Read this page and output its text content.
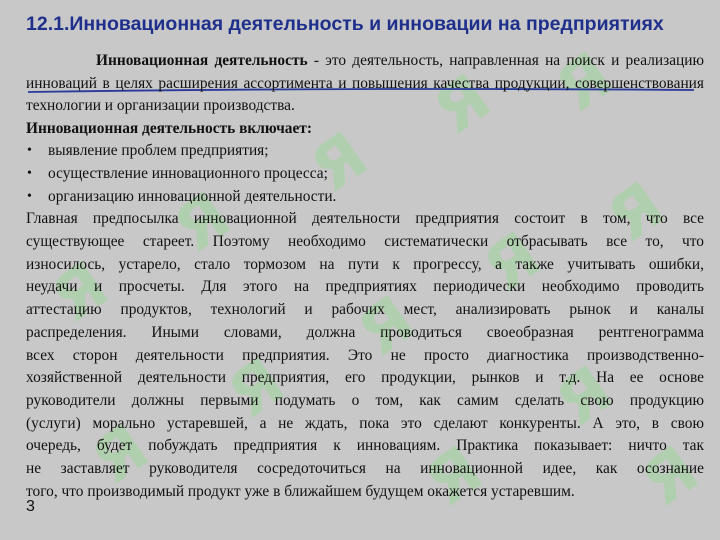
Я Я
Я
Я
Я	Я
Я
Я
Я
Я
Я
Я Я
12.1.Инновационная деятельность и инновации на предприятиях

Инновационная деятельность - это деятельность, направленная на поиск и реализацию инноваций в целях расширения ассортимента и повышения качества продукции, совершенствования технологии и организации производства.

Инновационная деятельность включает:

• выявление проблем предприятия;
• осуществление инновационного процесса;
• организацию инновационной деятельности.
Главная предпосылка инновационной деятельности предприятия состоит в том, что все
существующее стареет. Поэтому необходимо систематически отбрасывать все то, что
износилось, устарело, стало тормозом на пути к прогрессу, а также учитывать ошибки,
неудачи и просчеты. Для этого на предприятиях периодически необходимо проводить
аттестацию продуктов, технологий и рабочих мест, анализировать рынок и каналы
распределения. Иными словами, должна проводиться своеобразная рентгенограмма
всех сторон деятельности предприятия. Это не просто диагностика производственно-
хозяйственной деятельности предприятия, его продукции, рынков и т.д. На ее основе
руководители должны первыми подумать о том, как самим сделать свою продукцию
(услуги) морально устаревшей, а не ждать, пока это сделают конкуренты. А это, в свою
очередь, будет побуждать предприятия к инновациям. Практика показывает: ничто так
не заставляет руководителя сосредоточиться на инновационной идее, как осознание
того, что производимый продукт уже в ближайшем будущем окажется устаревшим.
3
